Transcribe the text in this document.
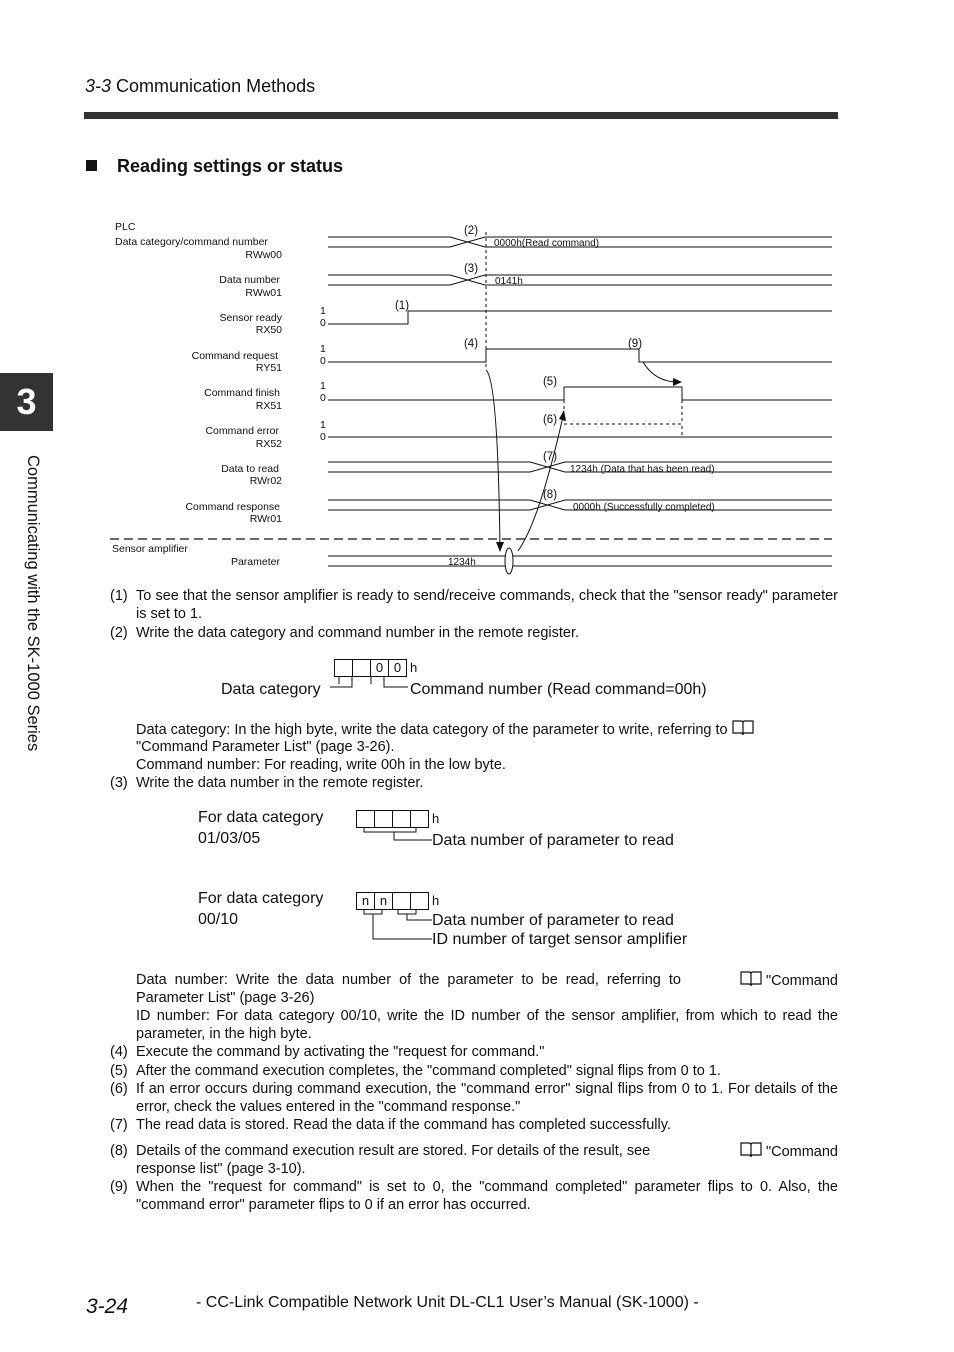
3-3 Communication Methods
Reading settings or status
3
Communicating with the SK-1000 Series
PLC
Data category/command number
RWw00
Data number
RWw01
Sensor ready
RX50
Command request
RY51
Command finish
RX51
Command error
RX52
Data to read
RWr02
Command response
RWr01
Sensor amplifier
Parameter
1
0
1
0
1
0
1
0
(1)
(2)
(3)
(4)
(5)
(6)
(7)
(8)
(9)
0000h(Read command)
0141h
1234h (Data that has been read)
0000h (Successfully completed)
1234h
(1) To see that the sensor amplifier is ready to send/receive commands, check that the "sensor ready" parameter is set to 1.
(2) Write the data category and command number in the remote register.
0 0 h
Data category	Command number (Read command=00h)
Data category: In the high byte, write the data category of the parameter to write, referring to
"Command Parameter List" (page 3-26).
Command number: For reading, write 00h in the low byte.
(3) Write the data number in the remote register.
For data category
01/03/05
h
Data number of parameter to read
For data category
00/10
n n	h
Data number of parameter to read
ID number of target sensor amplifier
Data number: Write the data number of the parameter to be read, referring to	"Command
Parameter List" (page 3-26)
ID number: For data category 00/10, write the ID number of the sensor amplifier, from which to read the parameter, in the high byte.
(4) Execute the command by activating the "request for command."
(5) After the command execution completes, the "command completed" signal flips from 0 to 1.
(6) If an error occurs during command execution, the "command error" signal flips from 0 to 1. For details of the error, check the values entered in the "command response."
(7) The read data is stored. Read the data if the command has completed successfully.
(8) Details of the command execution result are stored. For details of the result, see	"Command
response list" (page 3-10).
(9) When the "request for command" is set to 0, the "command completed" parameter flips to 0. Also, the "command error" parameter flips to 0 if an error has occurred.
3-24	- CC-Link Compatible Network Unit DL-CL1 User’s Manual (SK-1000) -
